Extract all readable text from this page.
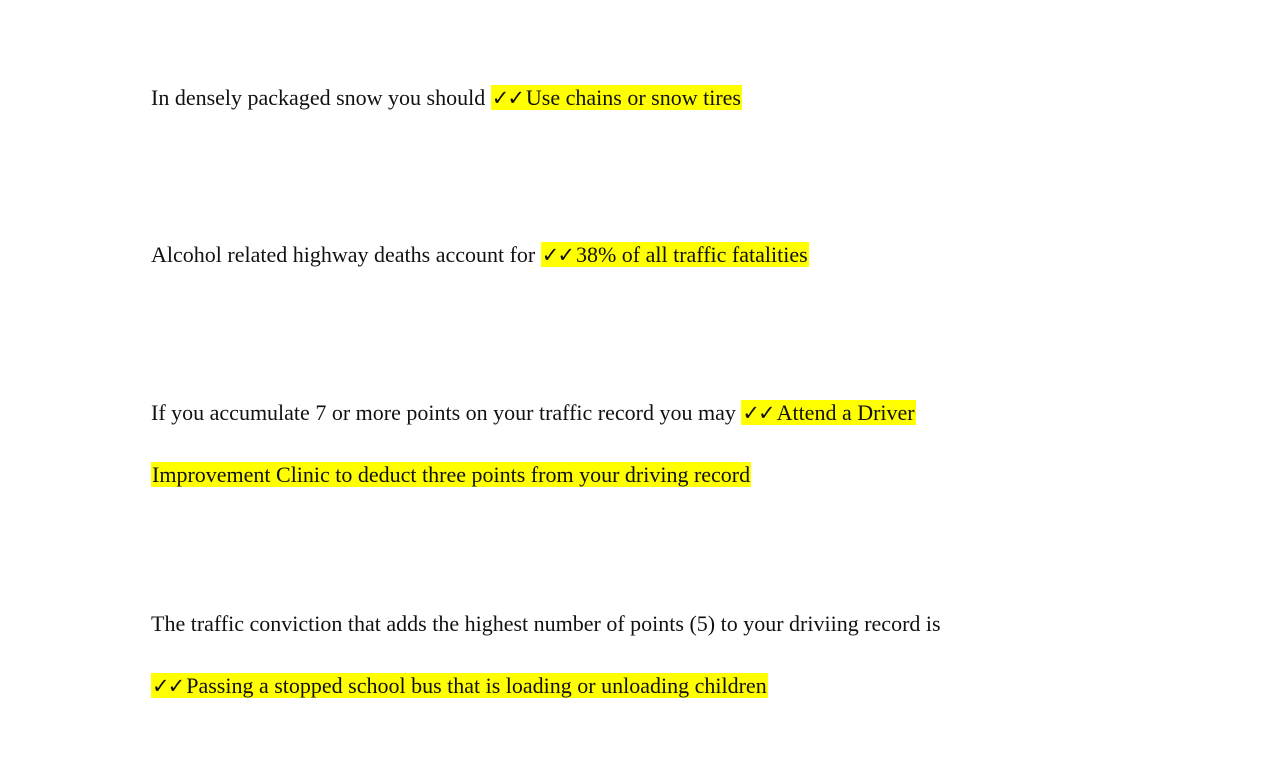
In densely packaged snow you should ✓✓ Use chains or snow tires
Alcohol related highway deaths account for ✓✓ 38% of all traffic fatalities
If you accumulate 7 or more points on your traffic record you may ✓✓ Attend a Driver
Improvement Clinic to deduct three points from your driving record
The traffic conviction that adds the highest number of points (5) to your driviing record is
✓✓ Passing a stopped school bus that is loading or unloading children
